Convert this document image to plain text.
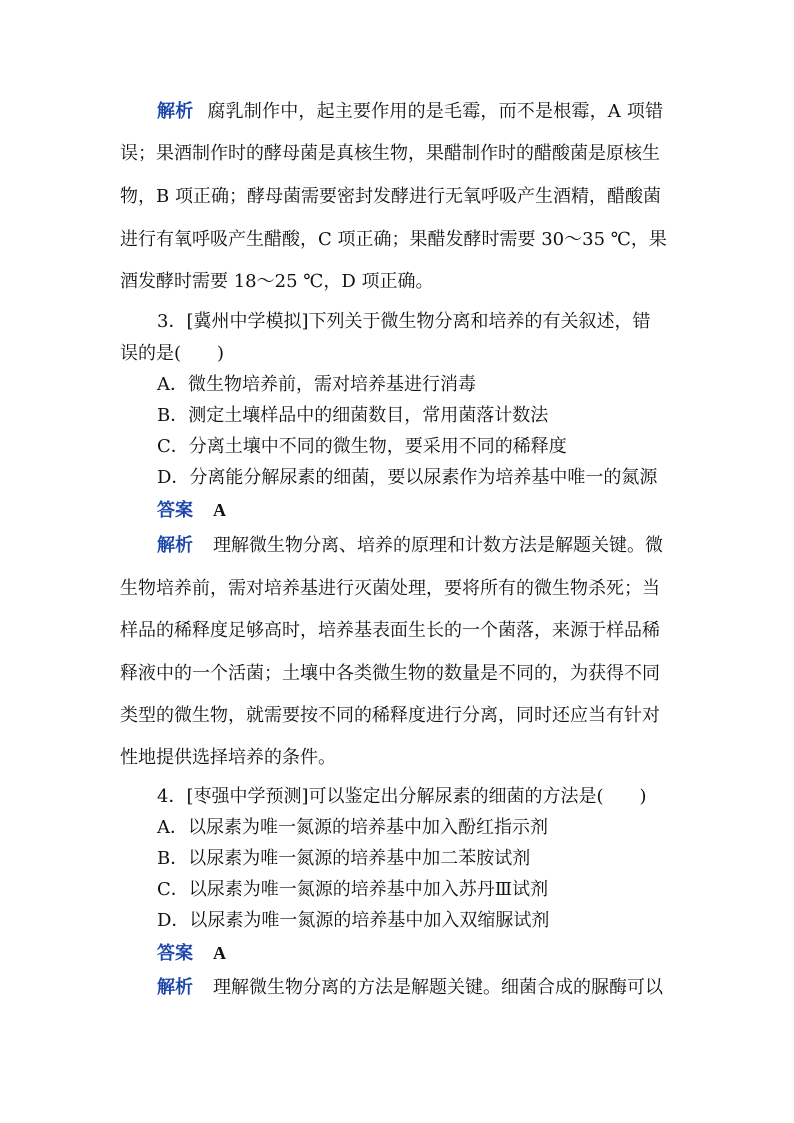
解析 腐乳制作中，起主要作用的是毛霉，而不是根霉，A 项错
误；果酒制作时的酵母菌是真核生物，果醋制作时的醋酸菌是原核生
物，B 项正确；酵母菌需要密封发酵进行无氧呼吸产生酒精，醋酸菌
进行有氧呼吸产生醋酸，C 项正确；果醋发酵时需要 30～35 ℃，果
酒发酵时需要 18～25 ℃，D 项正确。
3．[冀州中学模拟]下列关于微生物分离和培养的有关叙述，错
误的是(　　)
A．微生物培养前，需对培养基进行消毒
B．测定土壤样品中的细菌数目，常用菌落计数法
C．分离土壤中不同的微生物，要采用不同的稀释度
D．分离能分解尿素的细菌，要以尿素作为培养基中唯一的氮源
答案 A
解析 理解微生物分离、培养的原理和计数方法是解题关键。微
生物培养前，需对培养基进行灭菌处理，要将所有的微生物杀死；当
样品的稀释度足够高时，培养基表面生长的一个菌落，来源于样品稀
释液中的一个活菌；土壤中各类微生物的数量是不同的，为获得不同
类型的微生物，就需要按不同的稀释度进行分离，同时还应当有针对
性地提供选择培养的条件。
4．[枣强中学预测]可以鉴定出分解尿素的细菌的方法是(　　)
A．以尿素为唯一氮源的培养基中加入酚红指示剂
B．以尿素为唯一氮源的培养基中加二苯胺试剂
C．以尿素为唯一氮源的培养基中加入苏丹Ⅲ试剂
D．以尿素为唯一氮源的培养基中加入双缩脲试剂
答案 A
解析 理解微生物分离的方法是解题关键。细菌合成的脲酶可以
